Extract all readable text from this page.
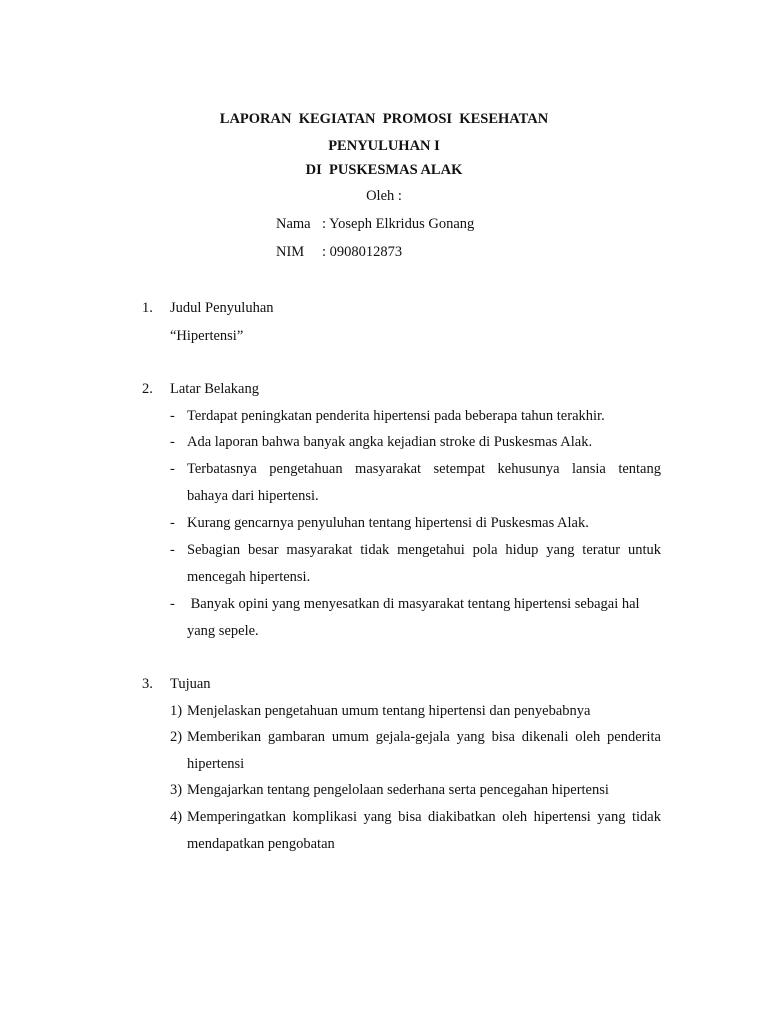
LAPORAN  KEGIATAN  PROMOSI  KESEHATAN
PENYULUHAN I
DI  PUSKESMAS ALAK
Oleh :
Nama : Yoseph Elkridus Gonang
NIM : 0908012873
1. Judul Penyuluhan
“Hipertensi”
2. Latar Belakang
- Terdapat peningkatan penderita hipertensi pada beberapa tahun terakhir.
- Ada laporan bahwa banyak angka kejadian stroke di Puskesmas Alak.
- Terbatasnya pengetahuan masyarakat setempat kehusunya lansia tentang
bahaya dari hipertensi.
- Kurang gencarnya penyuluhan tentang hipertensi di Puskesmas Alak.
- Sebagian besar masyarakat tidak mengetahui pola hidup yang teratur untuk
mencegah hipertensi.
- Banyak opini yang menyesatkan di masyarakat tentang hipertensi sebagai hal
yang sepele.
3. Tujuan
1) Menjelaskan pengetahuan umum tentang hipertensi dan penyebabnya
2) Memberikan gambaran umum gejala-gejala yang bisa dikenali oleh penderita
hipertensi
3) Mengajarkan tentang pengelolaan sederhana serta pencegahan hipertensi
4) Memperingatkan komplikasi yang bisa diakibatkan oleh hipertensi yang tidak
mendapatkan pengobatan
